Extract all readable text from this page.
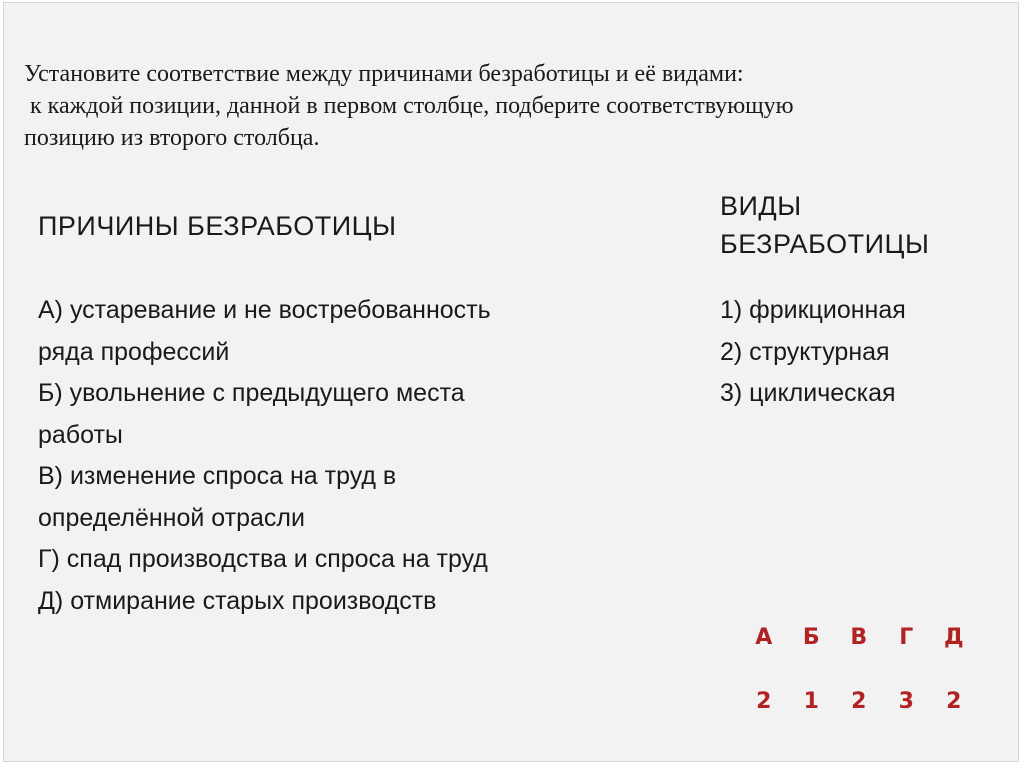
Установите соответствие между причинами безработицы и её видами:
к каждой позиции, данной в первом столбце, подберите соответствующую
позицию из второго столбца.
ПРИЧИНЫ БЕЗРАБОТИЦЫ
ВИДЫ
БЕЗРАБОТИЦЫ
А) устаревание и не востребованность
ряда профессий
Б) увольнение с предыдущего места
работы
В) изменение спроса на труд в
определённой отрасли
Г) спад производства и спроса на труд
Д) отмирание старых производств
1) фрикционная
2) структурная
3) циклическая
А	Б	В	Г	Д
2	1	2	3	2
